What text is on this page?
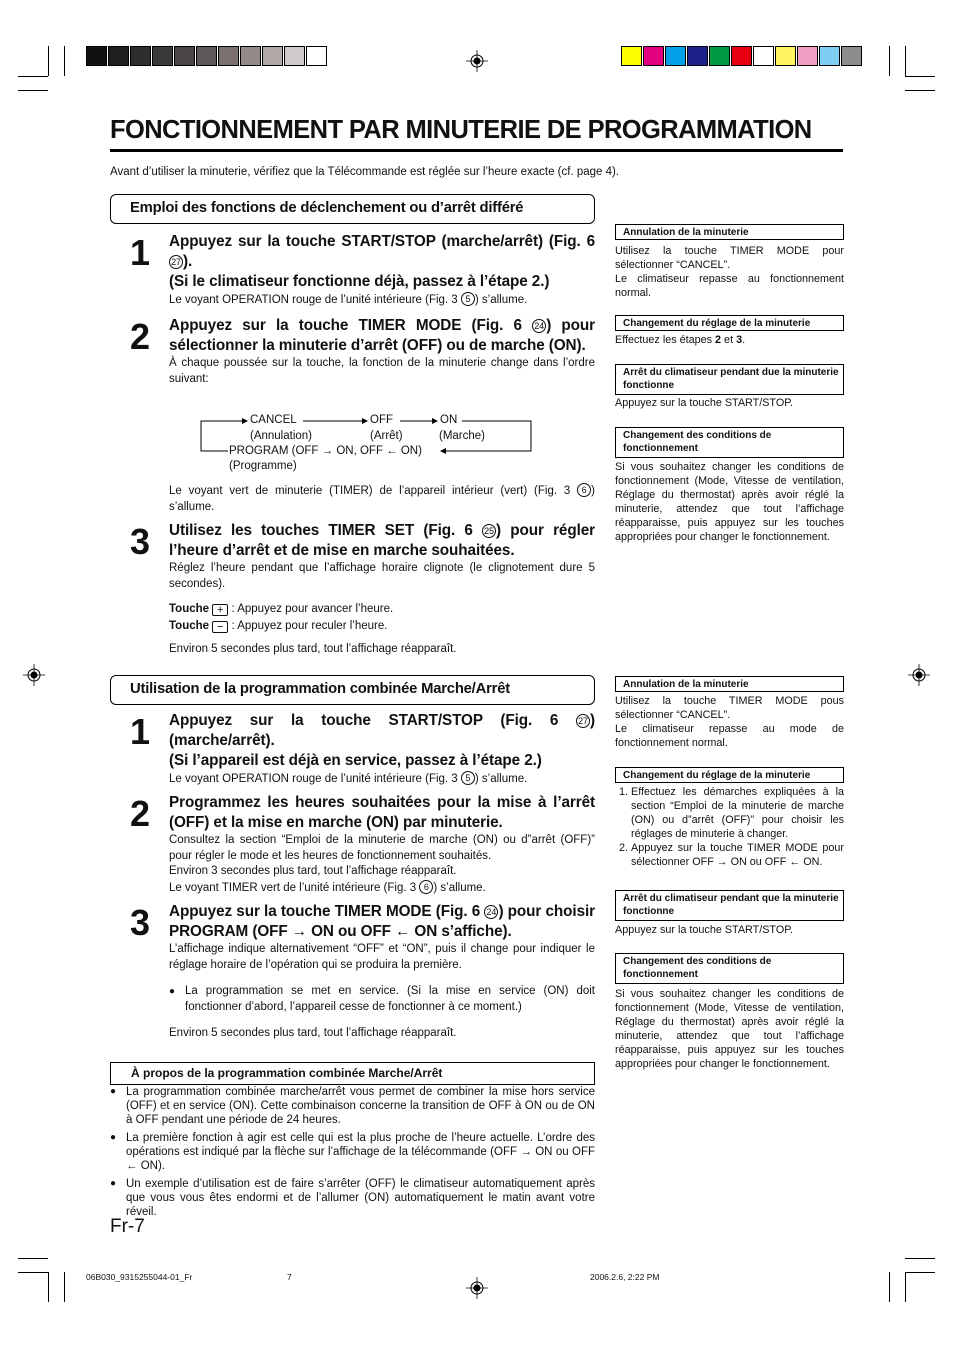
FONCTIONNEMENT PAR MINUTERIE DE PROGRAMMATION
Avant d’utiliser la minuterie, vérifiez que la Télécommande est réglée sur l’heure exacte (cf. page 4).
Emploi des fonctions de déclenchement ou d’arrêt différé
1 Appuyez sur la touche START/STOP (marche/arrêt) (Fig. 6 27 ).
(Si le climatiseur fonctionne déjà, passez à l’étape 2.)

Le voyant OPERATION rouge de l’unité intérieure (Fig. 3 5 ) s’allume.

2 Appuyez sur la touche TIMER MODE (Fig. 6 24 ) pour sélectionner la minuterie d’arrêt (OFF) ou de marche (ON).

À chaque poussée sur la touche, la fonction de la minuterie change dans l’ordre suivant:

CANCEL
(Annulation)
OFF
(Arrêt)
ON
(Marche)
PROGRAM (OFF → ON, OFF ← ON)
(Programme)

Le voyant vert de minuterie (TIMER) de l’appareil intérieur (vert) (Fig. 3 6 ) s’allume.

3 Utilisez les touches TIMER SET (Fig. 6 25 ) pour régler l’heure d’arrêt et de mise en marche souhaitées.

Réglez l’heure pendant que l’affichage horaire clignote (le clignotement dure 5 secondes).

Touche + : Appuyez pour avancer l’heure.

Touche − : Appuyez pour reculer l’heure.

Environ 5 secondes plus tard, tout l’affichage réapparaît.

Annulation de la minuterie
Utilisez la touche TIMER MODE pour sélectionner “CANCEL”.
Le climatiseur repasse au fonctionnement normal.
Changement du réglage de la minuterie
Effectuez les étapes 2 et 3.
Arrêt du climatiseur pendant due la minuterie fonctionne
Appuyez sur la touche START/STOP.
Changement des conditions de fonctionnement
Si vous souhaitez changer les conditions de fonctionnement (Mode, Vitesse de ventilation, Réglage du thermostat) après avoir réglé la minuterie, attendez que tout l’affichage réapparaisse, puis appuyez sur les touches appropriées pour changer le fonctionnement.
Utilisation de la programmation combinée Marche/Arrêt
1 Appuyez sur la touche START/STOP (Fig. 6 27 ) (marche/arrêt).
(Si l’appareil est déjà en service, passez à l’étape 2.)

Le voyant OPERATION rouge de l’unité intérieure (Fig. 3 5 ) s’allume.

2 Programmez les heures souhaitées pour la mise à l’arrêt (OFF) et la mise en marche (ON) par minuterie.

Consultez la section “Emploi de la minuterie de marche (ON) ou d”arrêt (OFF)” pour régler le mode et les heures de fonctionnement souhaités.

Environ 3 secondes plus tard, tout l’affichage réapparaît.

Le voyant TIMER vert de l’unité intérieure (Fig. 3 6 ) s’allume.

3 Appuyez sur la touche TIMER MODE (Fig. 6 24 ) pour choisir PROGRAM (OFF → ON ou OFF ← ON s’affiche).

L’affichage indique alternativement “OFF” et “ON”, puis il change pour indiquer le réglage horaire de l’opération qui se produira la première.

● La programmation se met en service. (Si la mise en service (ON) doit fonctionner d’abord, l’appareil cesse de fonctionner à ce moment.)

Environ 5 secondes plus tard, tout l’affichage réapparaît.

Annulation de la minuterie
Utilisez la touche TIMER MODE pous sélectionner “CANCEL”.
Le climatiseur repasse au mode de fonctionnement normal.
Changement du réglage de la minuterie
1. Effectuez les démarches expliquées à la section “Emploi de la minuterie de marche (ON) ou d”arrêt (OFF)” pour choisir les réglages de minuterie à changer.
2. Appuyez sur la touche TIMER MODE pour sélectionner OFF → ON ou OFF ← ON.
Arrêt du climatiseur pendant que la minuterie fonctionne
Appuyez sur la touche START/STOP.
Changement des conditions de fonctionnement
Si vous souhaitez changer les conditions de fonctionnement (Mode, Vitesse de ventilation, Réglage du thermostat) après avoir réglé la minuterie, attendez que tout l’affichage réapparaisse, puis appuyez sur les touches appropriées pour changer le fonctionnement.
À propos de la programmation combinée Marche/Arrêt
● La programmation combinée marche/arrêt vous permet de combiner la mise hors service (OFF) et en service (ON). Cette combinaison concerne la transition de OFF à ON ou de ON à OFF pendant une période de 24 heures.
● La première fonction à agir est celle qui est la plus proche de l’heure actuelle. L’ordre des opérations est indiqué par la flèche sur l’affichage de la télécommande (OFF → ON ou OFF ← ON).
● Un exemple d’utilisation est de faire s’arrêter (OFF) le climatiseur automatiquement après que vous vous êtes endormi et de l’allumer (ON) automatiquement le matin avant votre réveil.
Fr-7
06B030_9315255044-01_Fr	7	2006.2.6, 2:22 PM
